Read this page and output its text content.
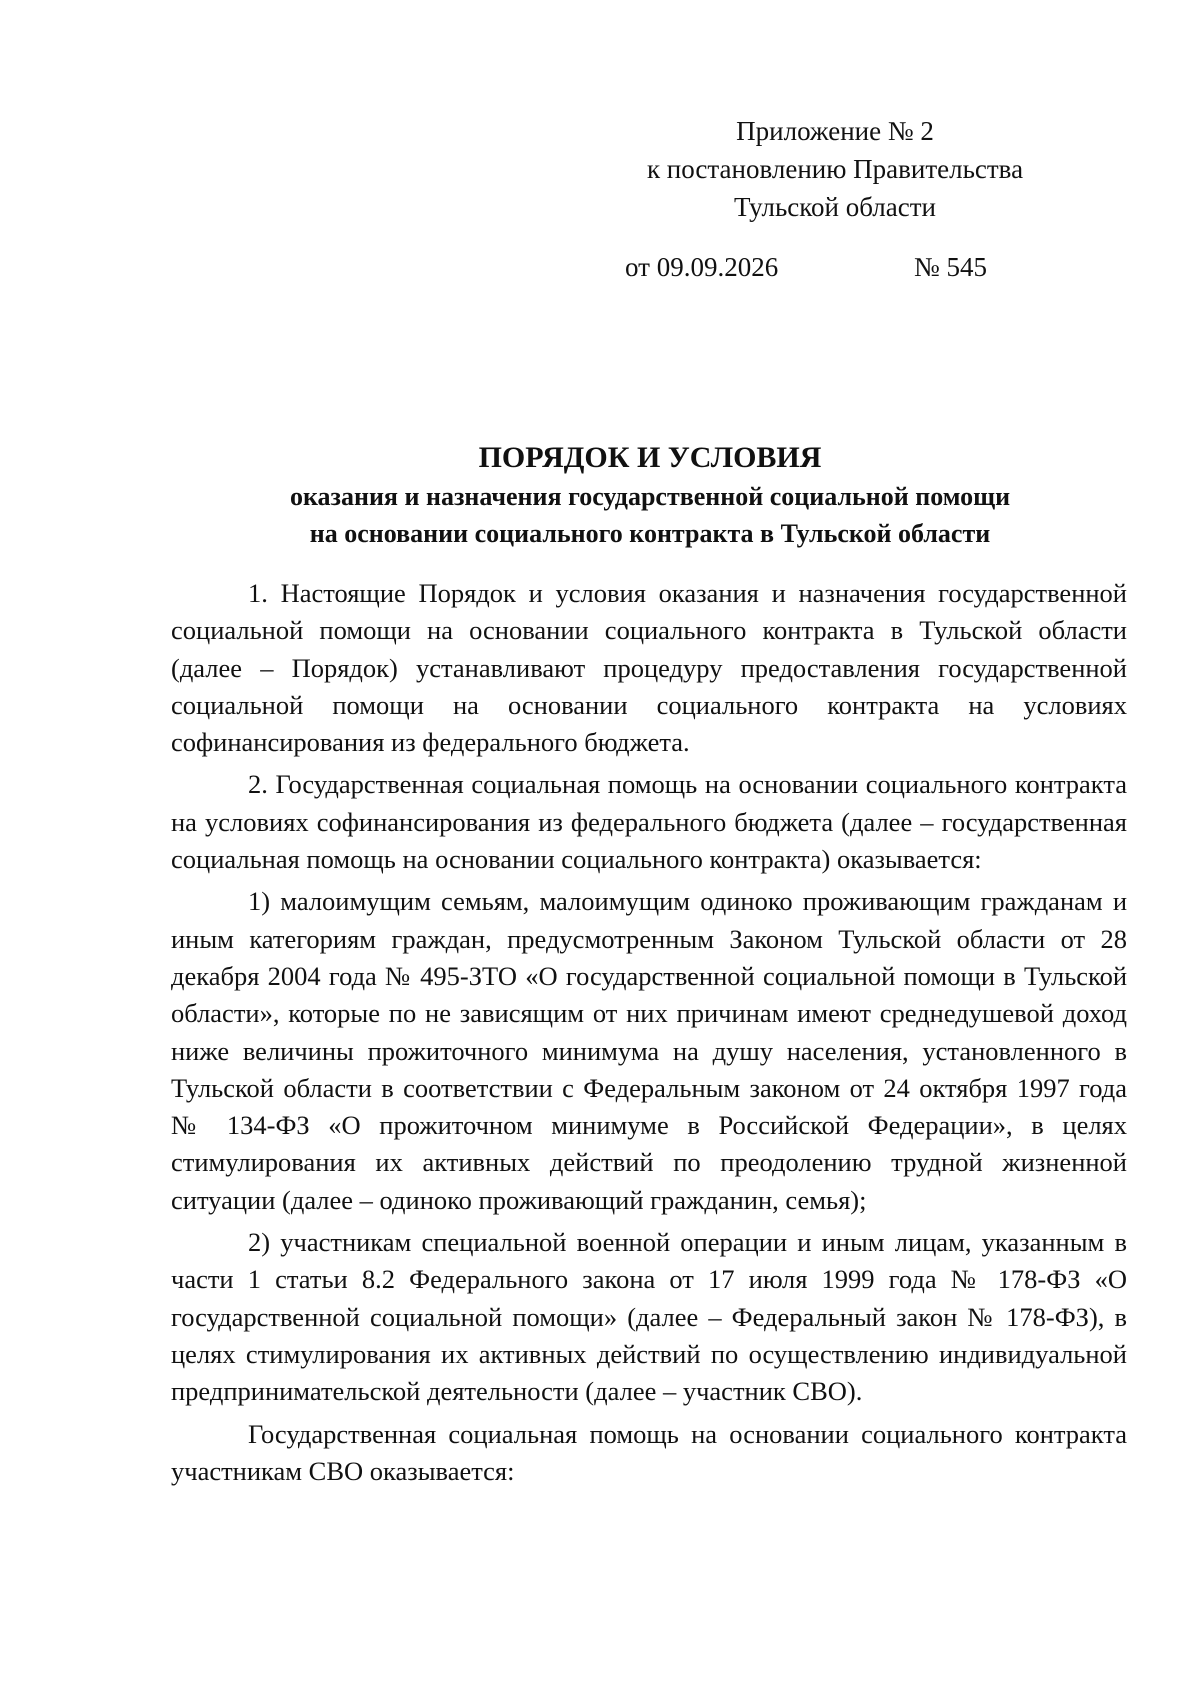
Приложение № 2
к постановлению Правительства
Тульской области
от 09.09.2026	№ 545
ПОРЯДОК И УСЛОВИЯ
оказания и назначения государственной социальной помощи
на основании социального контракта в Тульской области

1. Настоящие Порядок и условия оказания и назначения государственной социальной помощи на основании социального контракта в Тульской области (далее – Порядок) устанавливают процедуру предоставления государственной социальной помощи на основании социального контракта на условиях софинансирования из федерального бюджета.

2. Государственная социальная помощь на основании социального контракта на условиях софинансирования из федерального бюджета (далее – государственная социальная помощь на основании социального контракта) оказывается:

1) малоимущим семьям, малоимущим одиноко проживающим гражданам и иным категориям граждан, предусмотренным Законом Тульской области от 28 декабря 2004 года № 495-ЗТО «О государственной социальной помощи в Тульской области», которые по не зависящим от них причинам имеют среднедушевой доход ниже величины прожиточного минимума на душу населения, установленного в Тульской области в соответствии с Федеральным законом от 24 октября 1997 года № 134-ФЗ «О прожиточном минимуме в Российской Федерации», в целях стимулирования их активных действий по преодолению трудной жизненной ситуации (далее – одиноко проживающий гражданин, семья);

2) участникам специальной военной операции и иным лицам, указанным в части 1 статьи 8.2 Федерального закона от 17 июля 1999 года № 178-ФЗ «О государственной социальной помощи» (далее – Федеральный закон № 178-ФЗ), в целях стимулирования их активных действий по осуществлению индивидуальной предпринимательской деятельности (далее – участник СВО).

Государственная социальная помощь на основании социального контракта участникам СВО оказывается:
